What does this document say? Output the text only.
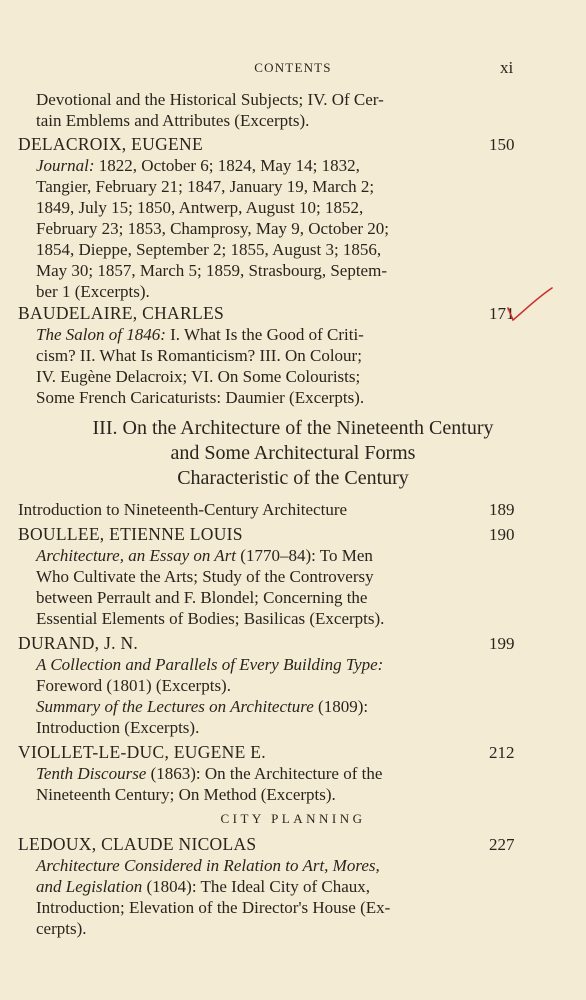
CONTENTS	xi
Devotional and the Historical Subjects; IV. Of Cer-
tain Emblems and Attributes (Excerpts).
DELACROIX, EUGENE	150
Journal: 1822, October 6; 1824, May 14; 1832,
Tangier, February 21; 1847, January 19, March 2;
1849, July 15; 1850, Antwerp, August 10; 1852,
February 23; 1853, Champrosy, May 9, October 20;
1854, Dieppe, September 2; 1855, August 3; 1856,
May 30; 1857, March 5; 1859, Strasbourg, Septem-
ber 1 (Excerpts).
BAUDELAIRE, CHARLES	171
The Salon of 1846: I. What Is the Good of Criti-
cism? II. What Is Romanticism? III. On Colour;
IV. Eugène Delacroix; VI. On Some Colourists;
Some French Caricaturists: Daumier (Excerpts).
III. On the Architecture of the Nineteenth Century
and Some Architectural Forms
Characteristic of the Century
Introduction to Nineteenth-Century Architecture	189
BOULLEE, ETIENNE LOUIS	190
Architecture, an Essay on Art (1770–84): To Men
Who Cultivate the Arts; Study of the Controversy
between Perrault and F. Blondel; Concerning the
Essential Elements of Bodies; Basilicas (Excerpts).
DURAND, J. N.	199
A Collection and Parallels of Every Building Type:
Foreword (1801) (Excerpts).
Summary of the Lectures on Architecture (1809):
Introduction (Excerpts).
VIOLLET-LE-DUC, EUGENE E.	212
Tenth Discourse (1863): On the Architecture of the
Nineteenth Century; On Method (Excerpts).
CITY PLANNING
LEDOUX, CLAUDE NICOLAS	227
Architecture Considered in Relation to Art, Mores,
and Legislation (1804): The Ideal City of Chaux,
Introduction; Elevation of the Director's House (Ex-
cerpts).
